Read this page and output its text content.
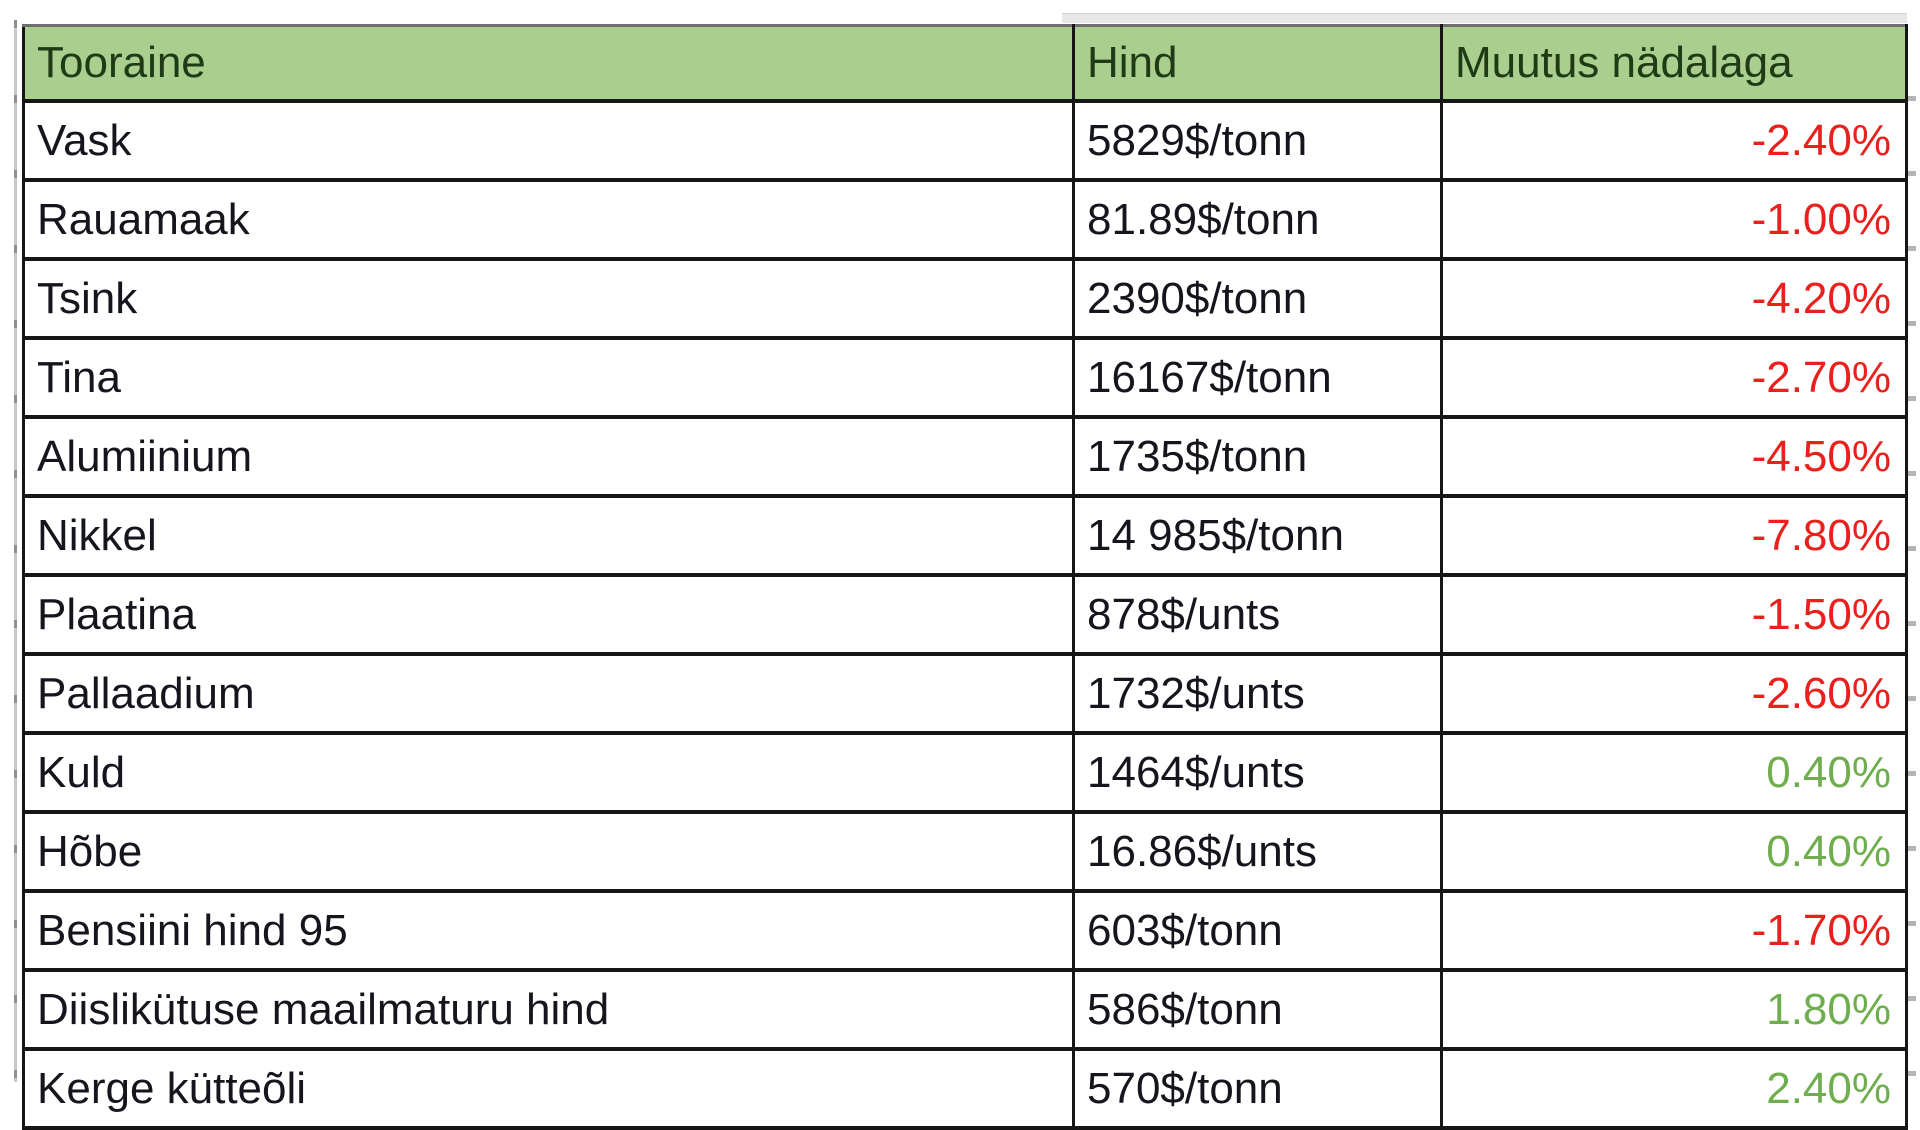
Tooraine	Hind	Muutus nädalaga
Vask	5829$/tonn	-2.40%
Rauamaak	81.89$/tonn	-1.00%
Tsink	2390$/tonn	-4.20%
Tina	16167$/tonn	-2.70%
Alumiinium	1735$/tonn	-4.50%
Nikkel	14 985$/tonn	-7.80%
Plaatina	878$/unts	-1.50%
Pallaadium	1732$/unts	-2.60%
Kuld	1464$/unts	0.40%
Hõbe	16.86$/unts	0.40%
Bensiini hind 95	603$/tonn	-1.70%
Diislikütuse maailmaturu hind	586$/tonn	1.80%
Kerge kütteõli	570$/tonn	2.40%
